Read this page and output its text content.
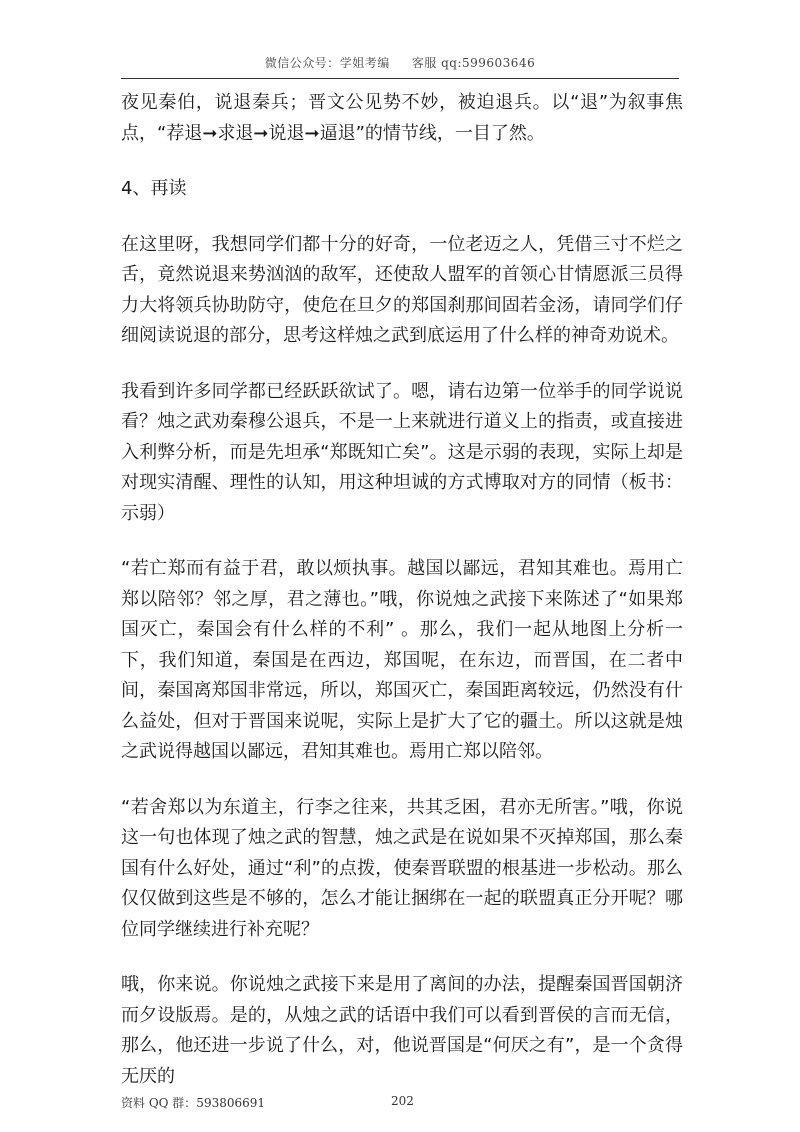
微信公众号：学姐考编 客服 qq:599603646

夜见秦伯，说退秦兵；晋文公见势不妙，被迫退兵。以“退”为叙事焦点，“荐退➞求退➞说退➞逼退”的情节线，一目了然。

4、再读

在这里呀，我想同学们都十分的好奇，一位老迈之人，凭借三寸不烂之舌，竟然说退来势汹汹的敌军，还使敌人盟军的首领心甘情愿派三员得力大将领兵协助防守，使危在旦夕的郑国刹那间固若金汤，请同学们仔细阅读说退的部分，思考这样烛之武到底运用了什么样的神奇劝说术。

我看到许多同学都已经跃跃欲试了。嗯，请右边第一位举手的同学说说看？烛之武劝秦穆公退兵，不是一上来就进行道义上的指责，或直接进入利弊分析，而是先坦承“郑既知亡矣”。这是示弱的表现，实际上却是对现实清醒、理性的认知，用这种坦诚的方式博取对方的同情（板书：示弱）

“若亡郑而有益于君，敢以烦执事。越国以鄙远，君知其难也。焉用亡郑以陪邻？邻之厚，君之薄也。”哦，你说烛之武接下来陈述了“如果郑国灭亡，秦国会有什么样的不利” 。那么，我们一起从地图上分析一下，我们知道，秦国是在西边，郑国呢，在东边，而晋国，在二者中间，秦国离郑国非常远，所以，郑国灭亡，秦国距离较远，仍然没有什么益处，但对于晋国来说呢，实际上是扩大了它的疆土。所以这就是烛之武说得越国以鄙远，君知其难也。焉用亡郑以陪邻。

“若舍郑以为东道主，行李之往来，共其乏困，君亦无所害。”哦，你说这一句也体现了烛之武的智慧，烛之武是在说如果不灭掉郑国，那么秦国有什么好处，通过“利”的点拨，使秦晋联盟的根基进一步松动。那么仅仅做到这些是不够的，怎么才能让捆绑在一起的联盟真正分开呢？哪位同学继续进行补充呢？

哦，你来说。你说烛之武接下来是用了离间的办法，提醒秦国晋国朝济而夕设版焉。是的，从烛之武的话语中我们可以看到晋侯的言而无信，那么，他还进一步说了什么，对，他说晋国是“何厌之有”，是一个贪得无厌的

资料 QQ 群：593806691	202
